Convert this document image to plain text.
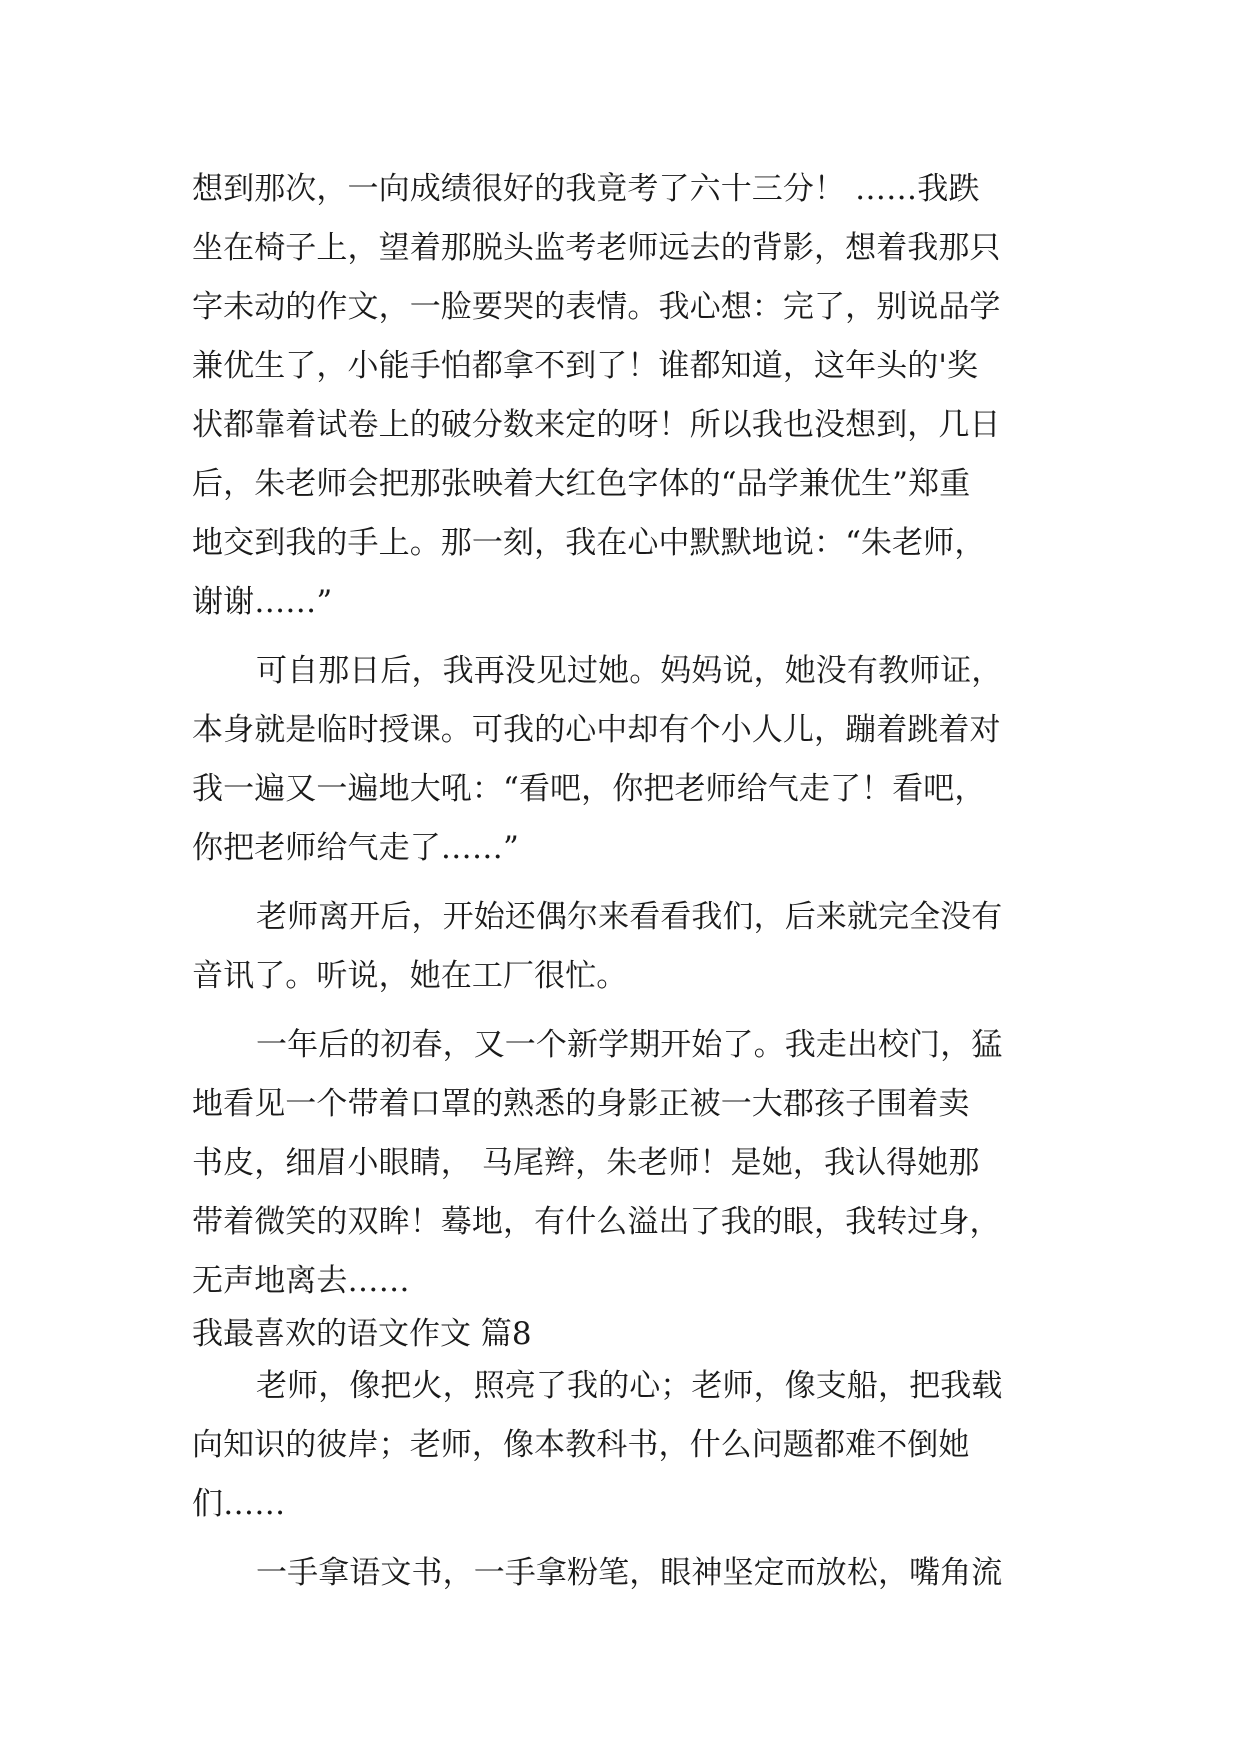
想到那次，一向成绩很好的我竟考了六十三分！ ……我跌
坐在椅子上，望着那脱头监考老师远去的背影，想着我那只
字未动的作文，一脸要哭的表情。我心想：完了，别说品学
兼优生了，小能手怕都拿不到了！谁都知道，这年头的'奖
状都靠着试卷上的破分数来定的呀！所以我也没想到，几日
后，朱老师会把那张映着大红色字体的“品学兼优生”郑重
地交到我的手上。那一刻，我在心中默默地说：“朱老师，
谢谢……”
可自那日后，我再没见过她。妈妈说，她没有教师证，
本身就是临时授课。可我的心中却有个小人儿，蹦着跳着对
我一遍又一遍地大吼：“看吧，你把老师给气走了！看吧，
你把老师给气走了……”
老师离开后，开始还偶尔来看看我们，后来就完全没有
音讯了。听说，她在工厂很忙。
一年后的初春，又一个新学期开始了。我走出校门，猛
地看见一个带着口罩的熟悉的身影正被一大郡孩子围着卖
书皮，细眉小眼睛， 马尾辫，朱老师！是她，我认得她那
带着微笑的双眸！蓦地，有什么溢出了我的眼，我转过身，
无声地离去……
我最喜欢的语文作文 篇8
老师，像把火，照亮了我的心；老师，像支船，把我载
向知识的彼岸；老师，像本教科书，什么问题都难不倒她
们……
一手拿语文书，一手拿粉笔，眼神坚定而放松，嘴角流
